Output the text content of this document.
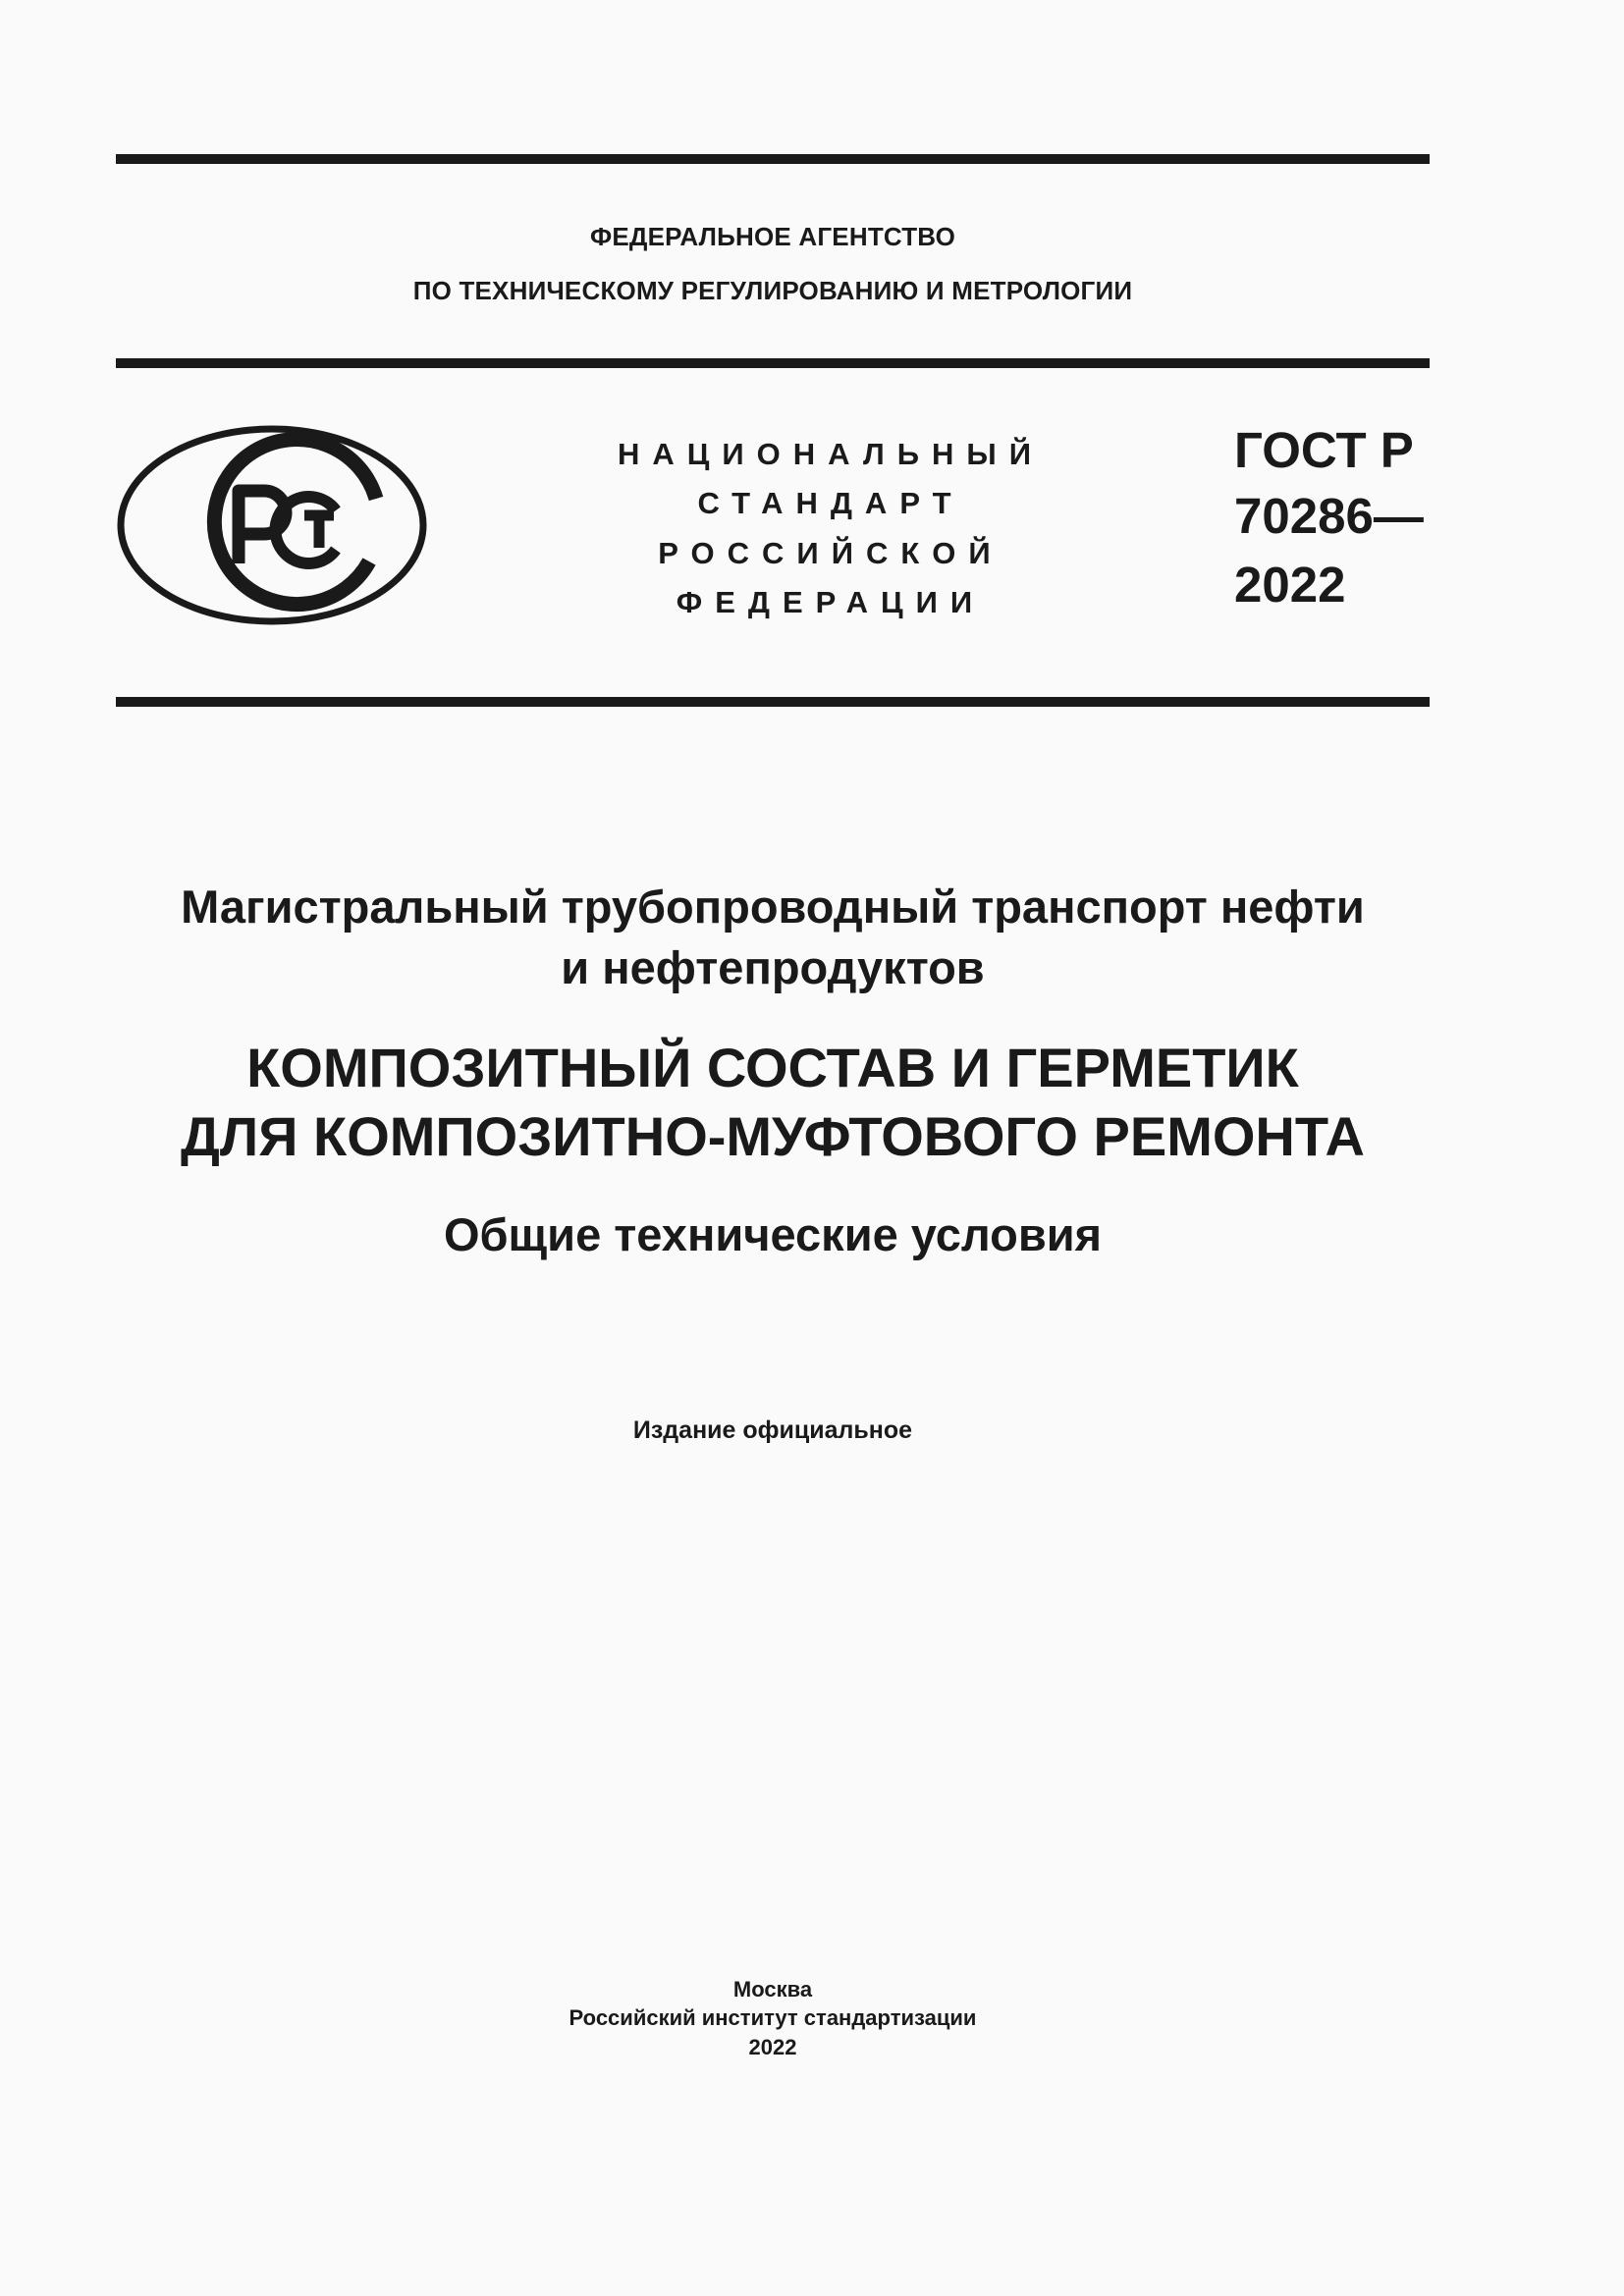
ФЕДЕРАЛЬНОЕ АГЕНТСТВО
ПО ТЕХНИЧЕСКОМУ РЕГУЛИРОВАНИЮ И МЕТРОЛОГИИ
НАЦИОНАЛЬНЫЙ
СТАНДАРТ
РОССИЙСКОЙ
ФЕДЕРАЦИИ
ГОСТ Р
70286—
2022
Магистральный трубопроводный транспорт нефти
и нефтепродуктов
КОМПОЗИТНЫЙ СОСТАВ И ГЕРМЕТИК
ДЛЯ КОМПОЗИТНО-МУФТОВОГО РЕМОНТА
Общие технические условия
Издание официальное
Москва
Российский институт стандартизации
2022
